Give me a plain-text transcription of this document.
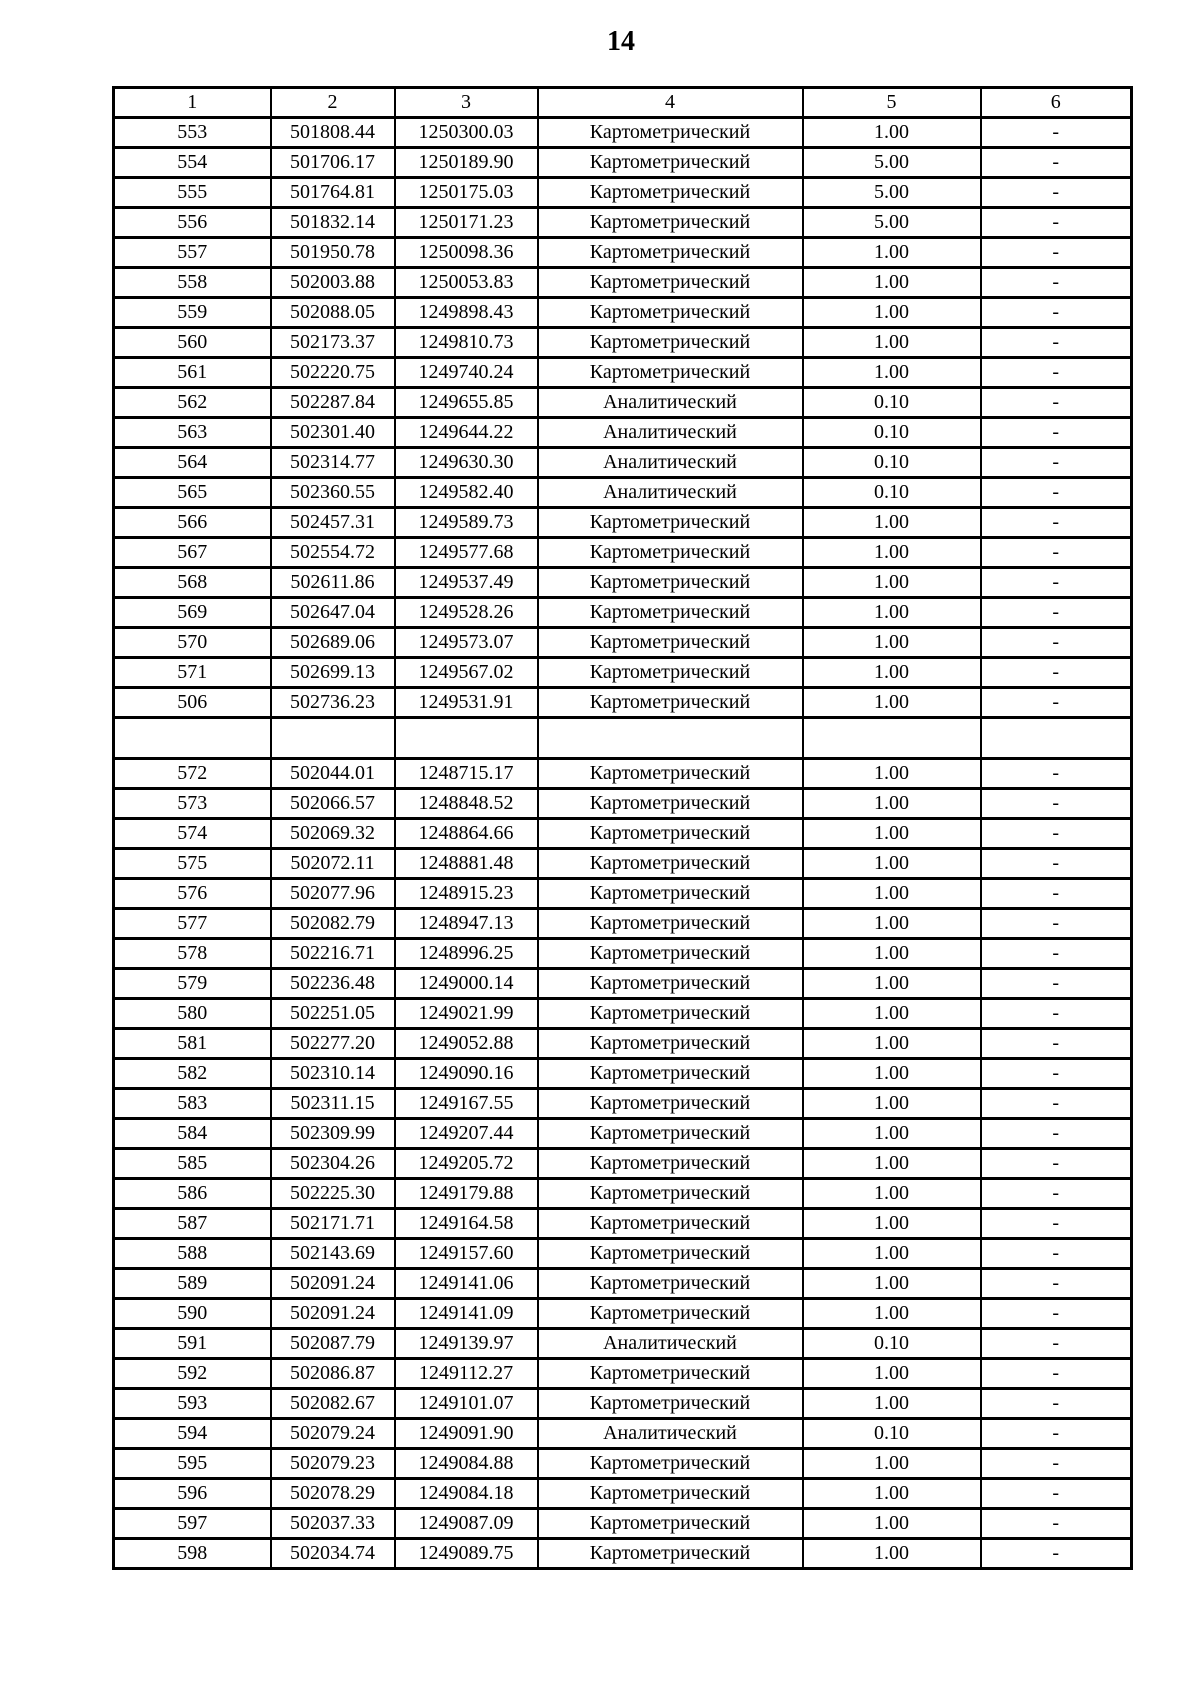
14
1	2	3	4	5	6
553	501808.44	1250300.03	Картометрический	1.00	-
554	501706.17	1250189.90	Картометрический	5.00	-
555	501764.81	1250175.03	Картометрический	5.00	-
556	501832.14	1250171.23	Картометрический	5.00	-
557	501950.78	1250098.36	Картометрический	1.00	-
558	502003.88	1250053.83	Картометрический	1.00	-
559	502088.05	1249898.43	Картометрический	1.00	-
560	502173.37	1249810.73	Картометрический	1.00	-
561	502220.75	1249740.24	Картометрический	1.00	-
562	502287.84	1249655.85	Аналитический	0.10	-
563	502301.40	1249644.22	Аналитический	0.10	-
564	502314.77	1249630.30	Аналитический	0.10	-
565	502360.55	1249582.40	Аналитический	0.10	-
566	502457.31	1249589.73	Картометрический	1.00	-
567	502554.72	1249577.68	Картометрический	1.00	-
568	502611.86	1249537.49	Картометрический	1.00	-
569	502647.04	1249528.26	Картометрический	1.00	-
570	502689.06	1249573.07	Картометрический	1.00	-
571	502699.13	1249567.02	Картометрический	1.00	-
506	502736.23	1249531.91	Картометрический	1.00	-

572	502044.01	1248715.17	Картометрический	1.00	-
573	502066.57	1248848.52	Картометрический	1.00	-
574	502069.32	1248864.66	Картометрический	1.00	-
575	502072.11	1248881.48	Картометрический	1.00	-
576	502077.96	1248915.23	Картометрический	1.00	-
577	502082.79	1248947.13	Картометрический	1.00	-
578	502216.71	1248996.25	Картометрический	1.00	-
579	502236.48	1249000.14	Картометрический	1.00	-
580	502251.05	1249021.99	Картометрический	1.00	-
581	502277.20	1249052.88	Картометрический	1.00	-
582	502310.14	1249090.16	Картометрический	1.00	-
583	502311.15	1249167.55	Картометрический	1.00	-
584	502309.99	1249207.44	Картометрический	1.00	-
585	502304.26	1249205.72	Картометрический	1.00	-
586	502225.30	1249179.88	Картометрический	1.00	-
587	502171.71	1249164.58	Картометрический	1.00	-
588	502143.69	1249157.60	Картометрический	1.00	-
589	502091.24	1249141.06	Картометрический	1.00	-
590	502091.24	1249141.09	Картометрический	1.00	-
591	502087.79	1249139.97	Аналитический	0.10	-
592	502086.87	1249112.27	Картометрический	1.00	-
593	502082.67	1249101.07	Картометрический	1.00	-
594	502079.24	1249091.90	Аналитический	0.10	-
595	502079.23	1249084.88	Картометрический	1.00	-
596	502078.29	1249084.18	Картометрический	1.00	-
597	502037.33	1249087.09	Картометрический	1.00	-
598	502034.74	1249089.75	Картометрический	1.00	-
